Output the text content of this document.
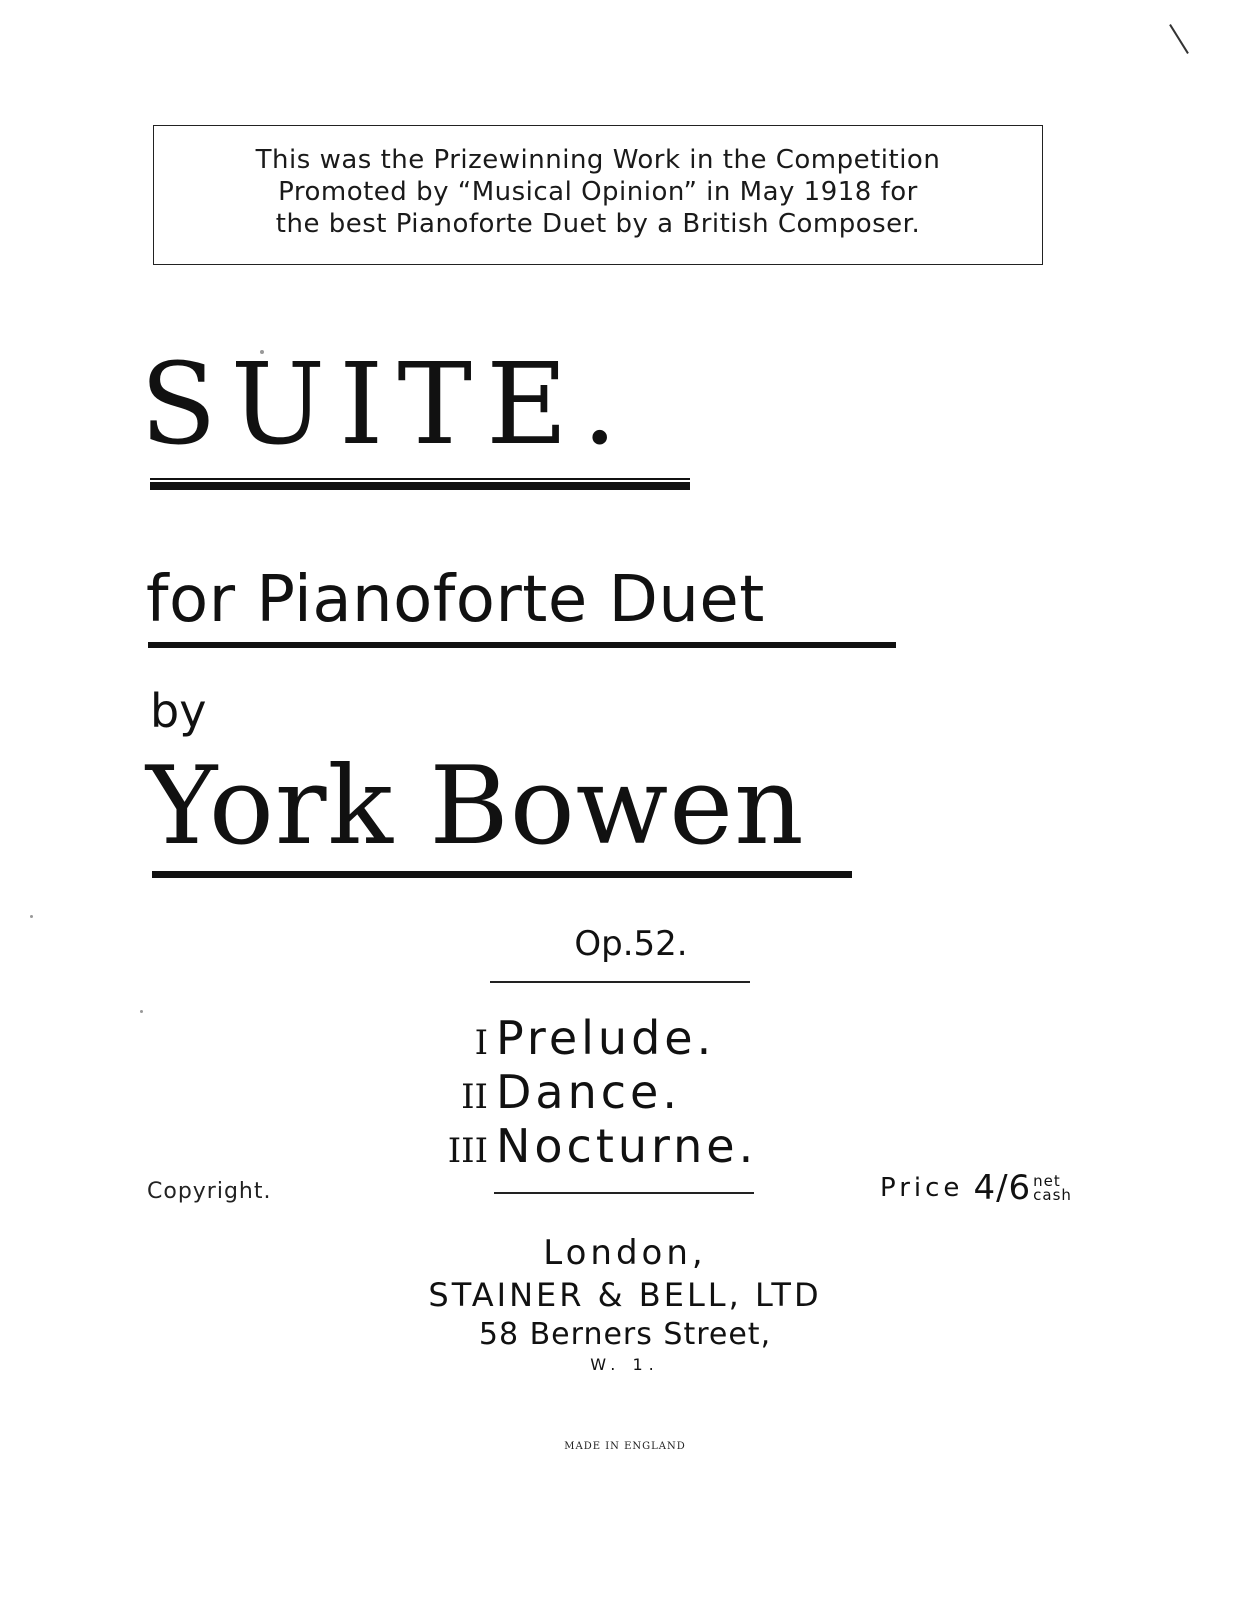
This was the Prizewinning Work in the Competition
Promoted by “Musical Opinion” in May 1918 for
the best Pianoforte Duet by a British Composer.
SUITE.
for Pianoforte Duet
by
York Bowen
Op.52.
I Prelude.
II Dance.
III Nocturne.
Copyright.	Price 4/6 net
cash
London,
STAINER & BELL, LTD
58 Berners Street,
W. 1.
MADE IN ENGLAND
